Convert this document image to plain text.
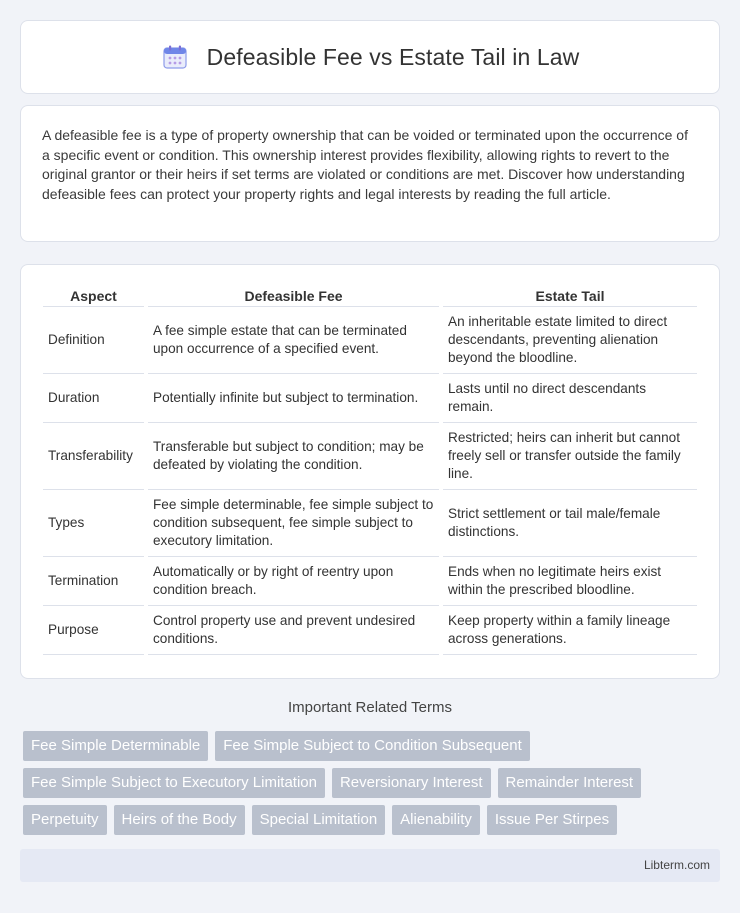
Defeasible Fee vs Estate Tail in Law

A defeasible fee is a type of property ownership that can be voided or terminated upon the occurrence of a specific event or condition. This ownership interest provides flexibility, allowing rights to revert to the original grantor or their heirs if set terms are violated or conditions are met. Discover how understanding defeasible fees can protect your property rights and legal interests by reading the full article.

Aspect	Defeasible Fee	Estate Tail
Definition	A fee simple estate that can be terminated upon occurrence of a specified event.	An inheritable estate limited to direct descendants, preventing alienation beyond the bloodline.
Duration	Potentially infinite but subject to termination.	Lasts until no direct descendants remain.
Transferability	Transferable but subject to condition; may be defeated by violating the condition.	Restricted; heirs can inherit but cannot freely sell or transfer outside the family line.
Types	Fee simple determinable, fee simple subject to condition subsequent, fee simple subject to executory limitation.	Strict settlement or tail male/female distinctions.
Termination	Automatically or by right of reentry upon condition breach.	Ends when no legitimate heirs exist within the prescribed bloodline.
Purpose	Control property use and prevent undesired conditions.	Keep property within a family lineage across generations.
Important Related Terms
Fee Simple Determinable	Fee Simple Subject to Condition Subsequent
Fee Simple Subject to Executory Limitation	Reversionary Interest	Remainder Interest
Perpetuity	Heirs of the Body	Special Limitation	Alienability	Issue Per Stirpes
Libterm.com
